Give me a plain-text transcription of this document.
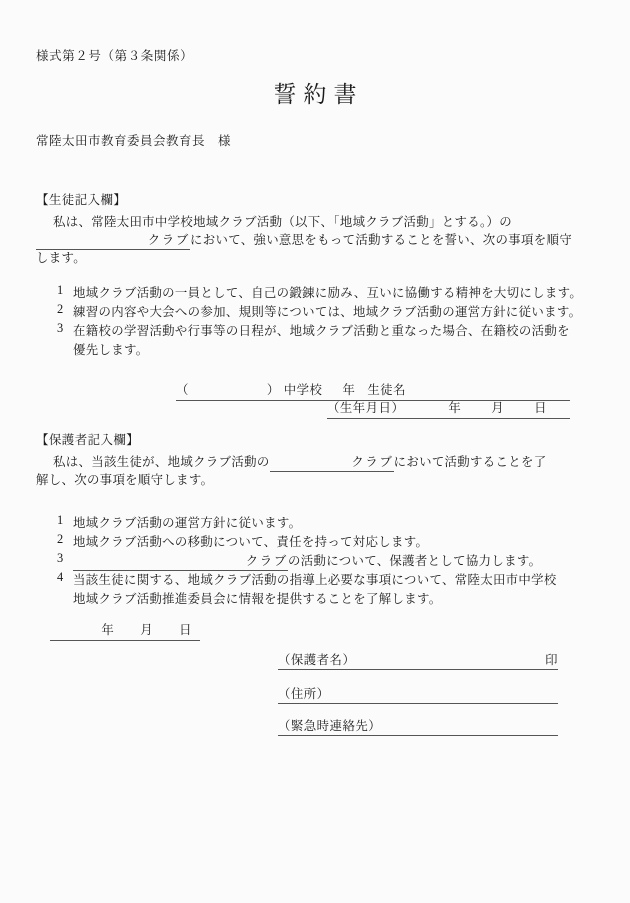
様式第２号（第３条関係）
誓約書
常陸太田市教育委員会教育長　様
【生徒記入欄】
私は、常陸太田市中学校地域クラブ活動（以下、「地域クラブ活動」とする。）の
クラブにおいて、強い意思をもって活動することを誓い、次の事項を順守
します。
1 地域クラブ活動の一員として、自己の鍛錬に励み、互いに協働する精神を大切にします。
2 練習の内容や大会への参加、規則等については、地域クラブ活動の運営方針に従います。
3 在籍校の学習活動や行事等の日程が、地域クラブ活動と重なった場合、在籍校の活動を
優先します。
（	） 中学校 年 生徒名
（生年月日）	年 月 日
【保護者記入欄】
私は、当該生徒が、地域クラブ活動の	クラブにおいて活動することを了
解し、次の事項を順守します。
1 地域クラブ活動の運営方針に従います。
2 地域クラブ活動への移動について、責任を持って対応します。
3	クラブの活動について、保護者として協力します。
4 当該生徒に関する、地域クラブ活動の指導上必要な事項について、常陸太田市中学校
地域クラブ活動推進委員会に情報を提供することを了解します。
年 月 日
（保護者名）	印
（住所）
（緊急時連絡先）
